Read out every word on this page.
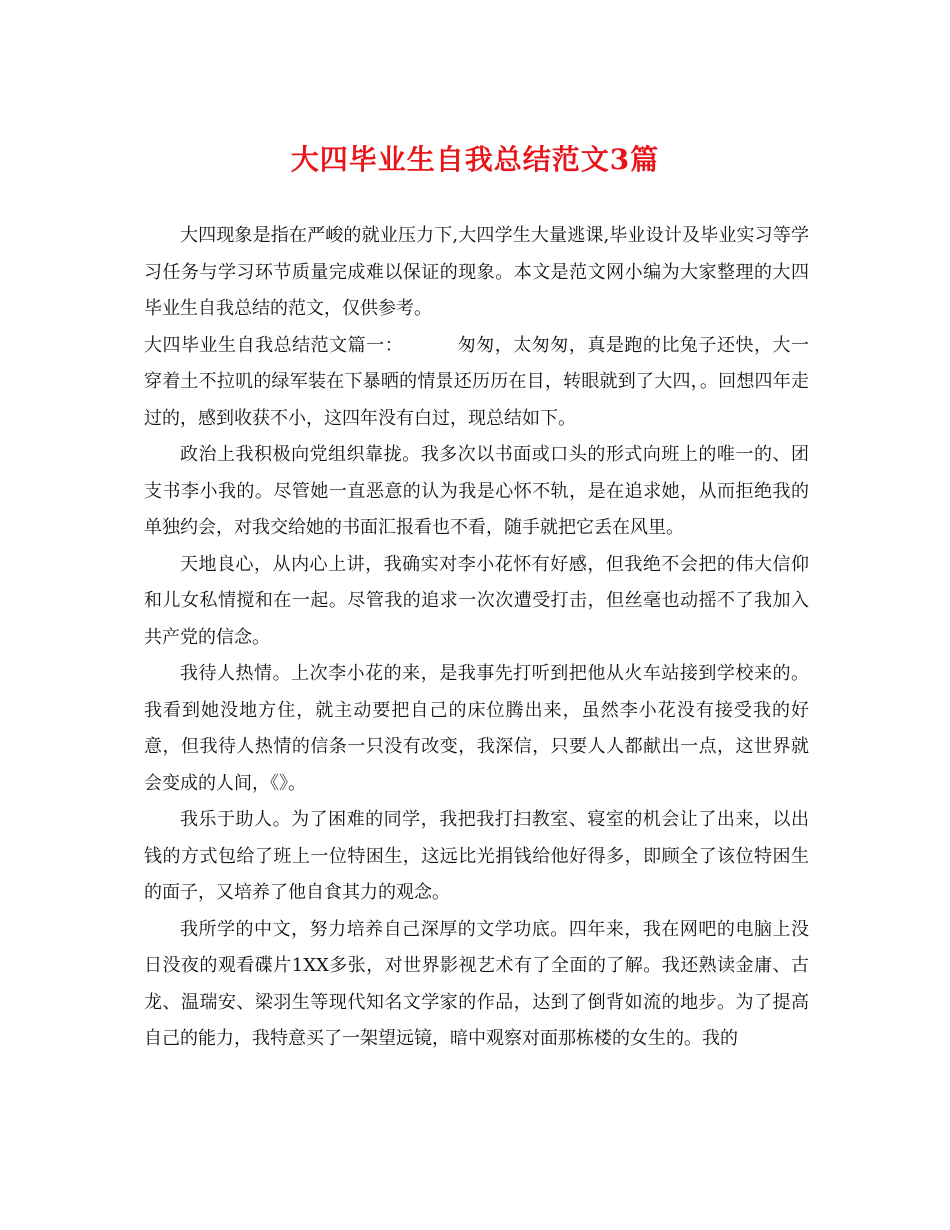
大四毕业生自我总结范文3篇

大四现象是指在严峻的就业压力下,大四学生大量逃课,毕业设计及毕业实习等学习任务与学习环节质量完成难以保证的现象。本文是范文网小编为大家整理的大四毕业生自我总结的范文，仅供参考。

大四毕业生自我总结范文篇一：	匆匆，太匆匆，真是跑的比兔子还快，大一穿着土不拉叽的绿军装在下暴晒的情景还历历在目，转眼就到了大四，。回想四年走过的，感到收获不小，这四年没有白过，现总结如下。

政治上我积极向党组织靠拢。我多次以书面或口头的形式向班上的唯一的、团支书李小我的。尽管她一直恶意的认为我是心怀不轨，是在追求她，从而拒绝我的单独约会，对我交给她的书面汇报看也不看，随手就把它丢在风里。

天地良心，从内心上讲，我确实对李小花怀有好感，但我绝不会把的伟大信仰和儿女私情搅和在一起。尽管我的追求一次次遭受打击，但丝毫也动摇不了我加入共产党的信念。

我待人热情。上次李小花的来，是我事先打听到把他从火车站接到学校来的。我看到她没地方住，就主动要把自己的床位腾出来，虽然李小花没有接受我的好意，但我待人热情的信条一只没有改变，我深信，只要人人都献出一点，这世界就会变成的人间，《》。

我乐于助人。为了困难的同学，我把我打扫教室、寝室的机会让了出来，以出钱的方式包给了班上一位特困生，这远比光捐钱给他好得多，即顾全了该位特困生的面子，又培养了他自食其力的观念。

我所学的中文，努力培养自己深厚的文学功底。四年来，我在网吧的电脑上没日没夜的观看碟片1XX多张，对世界影视艺术有了全面的了解。我还熟读金庸、古龙、温瑞安、梁羽生等现代知名文学家的作品，达到了倒背如流的地步。为了提高自己的能力，我特意买了一架望远镜，暗中观察对面那栋楼的女生的。我的
